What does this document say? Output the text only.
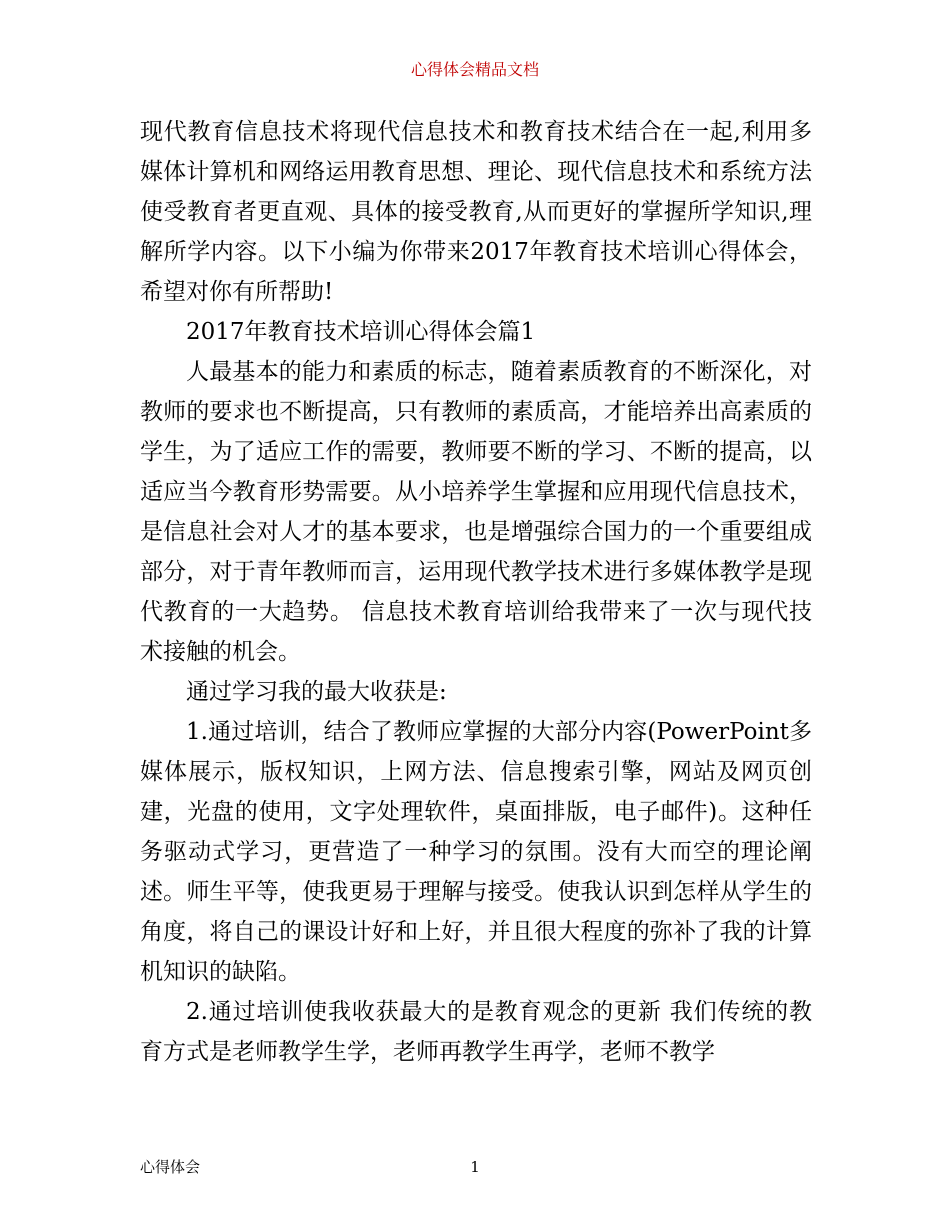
心得体会精品文档

现代教育信息技术将现代信息技术和教育技术结合在一起,利用多媒体计算机和网络运用教育思想、理论、现代信息技术和系统方法使受教育者更直观、具体的接受教育,从而更好的掌握所学知识,理解所学内容。以下小编为你带来2017年教育技术培训心得体会，希望对你有所帮助!

2017年教育技术培训心得体会篇1

人最基本的能力和素质的标志，随着素质教育的不断深化，对教师的要求也不断提高，只有教师的素质高，才能培养出高素质的学生，为了适应工作的需要，教师要不断的学习、不断的提高，以适应当今教育形势需要。从小培养学生掌握和应用现代信息技术，是信息社会对人才的基本要求，也是增强综合国力的一个重要组成部分，对于青年教师而言，运用现代教学技术进行多媒体教学是现代教育的一大趋势。 信息技术教育培训给我带来了一次与现代技术接触的机会。

通过学习我的最大收获是:

1.通过培训，结合了教师应掌握的大部分内容(PowerPoint多媒体展示，版权知识，上网方法、信息搜索引擎，网站及网页创建，光盘的使用，文字处理软件，桌面排版，电子邮件)。这种任务驱动式学习，更营造了一种学习的氛围。没有大而空的理论阐述。师生平等，使我更易于理解与接受。使我认识到怎样从学生的角度，将自己的课设计好和上好，并且很大程度的弥补了我的计算机知识的缺陷。

2.通过培训使我收获最大的是教育观念的更新 我们传统的教育方式是老师教学生学，老师再教学生再学，老师不教学

心得体会	1
